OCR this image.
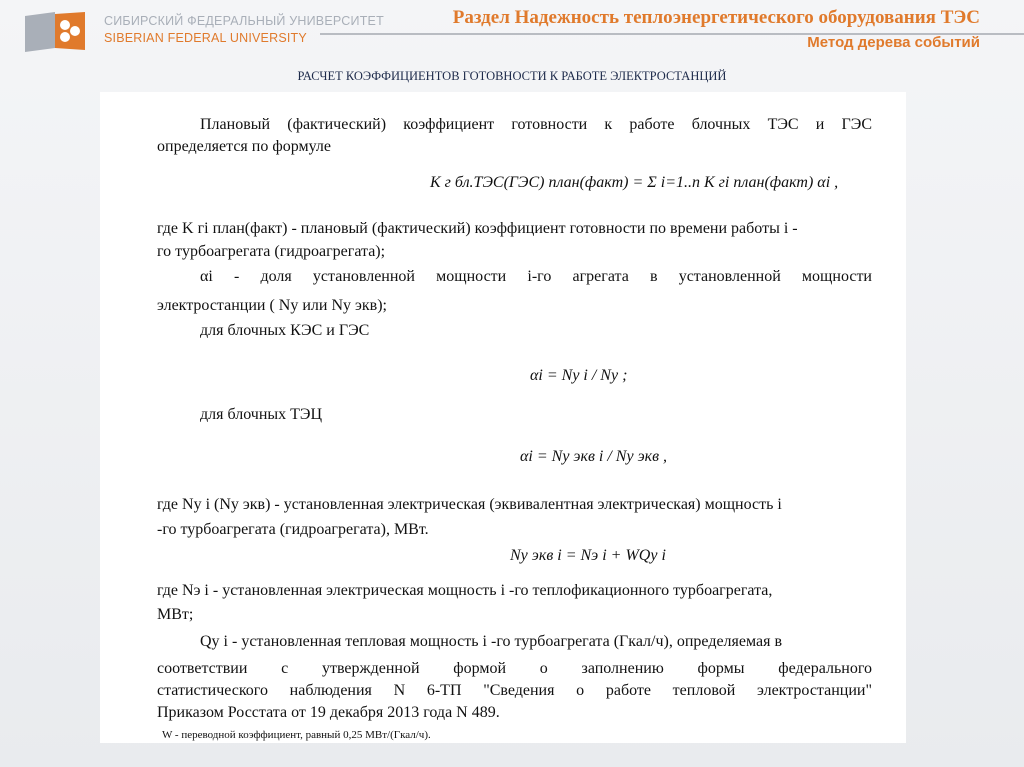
СИБИРСКИЙ ФЕДЕРАЛЬНЫЙ УНИВЕРСИТЕТ
SIBERIAN FEDERAL UNIVERSITY
Раздел Надежность теплоэнергетического оборудования ТЭС
Метод дерева событий
РАСЧЕТ КОЭФФИЦИЕНТОВ ГОТОВНОСТИ К РАБОТЕ ЭЛЕКТРОСТАНЦИЙ
Плановый (фактический) коэффициент готовности к работе блочных ТЭС и ГЭС
определяется по формуле
K г бл.ТЭС(ГЭС) план(факт) = Σ i=1..n K гi план(факт) αi ,
где K гi план(факт) - плановый (фактический) коэффициент готовности по времени работы i -
го турбоагрегата (гидроагрегата);
αi - доля установленной мощности i-го агрегата в установленной мощности
электростанции ( Nу или Nу экв);
для блочных КЭС и ГЭС
αi = Nу i / Nу ;
для блочных ТЭЦ
αi = Nу экв i / Nу экв ,
где Nу i (Nу экв) - установленная электрическая (эквивалентная электрическая) мощность i
-го турбоагрегата (гидроагрегата), МВт.
Nу экв i = Nэ i + WQу i
где Nэ i - установленная электрическая мощность i -го теплофикационного турбоагрегата,
МВт;
Qу i - установленная тепловая мощность i -го турбоагрегата (Гкал/ч), определяемая в
соответствии с утвержденной формой о заполнению формы федерального
статистического наблюдения N 6-ТП "Сведения о работе тепловой электростанции"
Приказом Росстата от 19 декабря 2013 года N 489.
W - переводной коэффициент, равный 0,25 МВт/(Гкал/ч).
